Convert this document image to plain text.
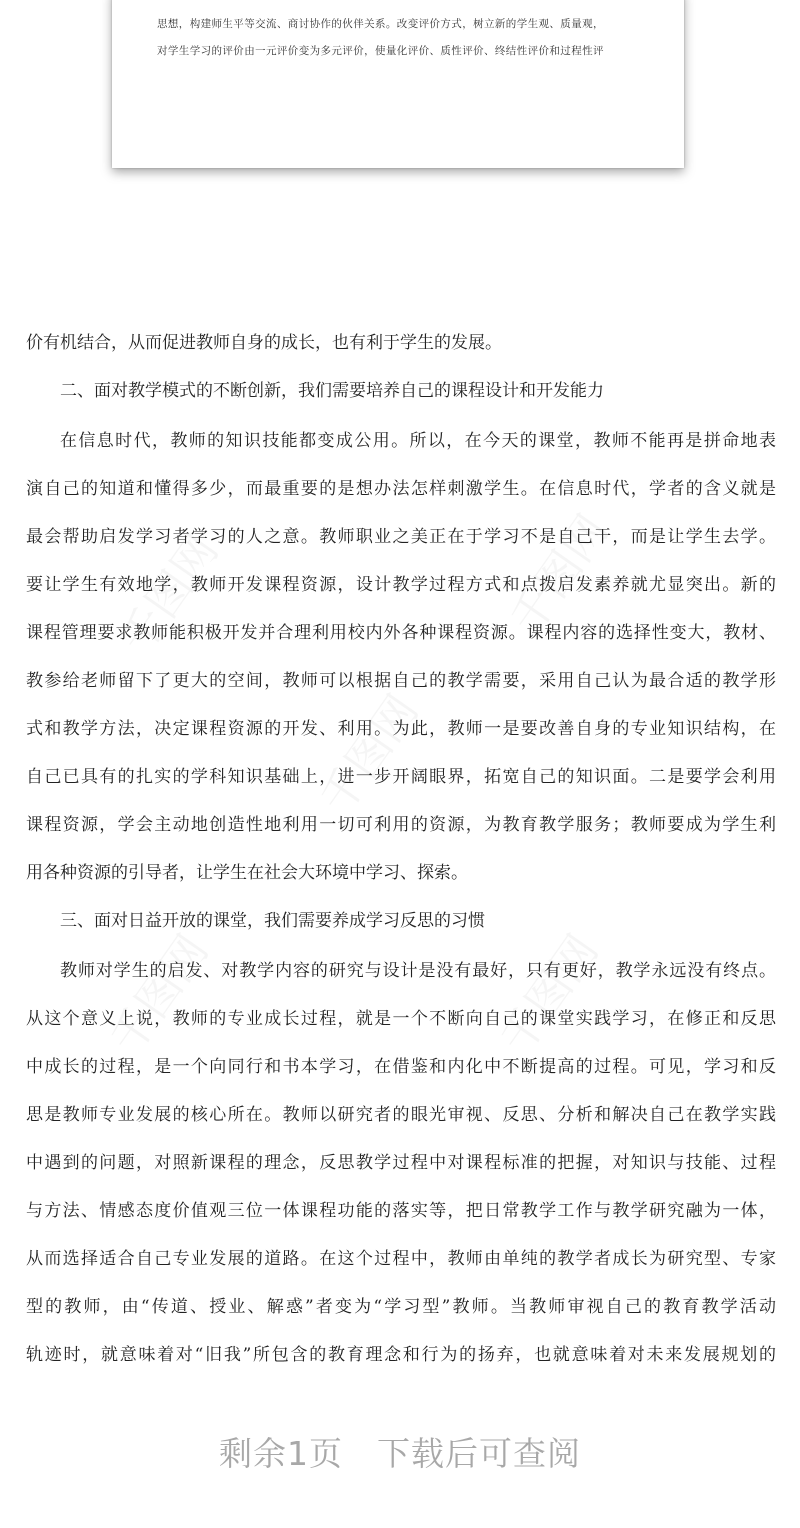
思想，构建师生平等交流、商讨协作的伙伴关系。改变评价方式，树立新的学生观、质量观，
对学生学习的评价由一元评价变为多元评价，使量化评价、质性评价、终结性评价和过程性评
千图网	千图网
千图网
千图网	千图网
价有机结合，从而促进教师自身的成长，也有利于学生的发展。
二、面对教学模式的不断创新，我们需要培养自己的课程设计和开发能力
在信息时代，教师的知识技能都变成公用。所以，在今天的课堂，教师不能再是拼命地表
演自己的知道和懂得多少，而最重要的是想办法怎样刺激学生。在信息时代，学者的含义就是
最会帮助启发学习者学习的人之意。教师职业之美正在于学习不是自己干，而是让学生去学。
要让学生有效地学，教师开发课程资源，设计教学过程方式和点拨启发素养就尤显突出。新的
课程管理要求教师能积极开发并合理利用校内外各种课程资源。课程内容的选择性变大，教材、
教参给老师留下了更大的空间，教师可以根据自己的教学需要，采用自己认为最合适的教学形
式和教学方法，决定课程资源的开发、利用。为此，教师一是要改善自身的专业知识结构，在
自己已具有的扎实的学科知识基础上，进一步开阔眼界，拓宽自己的知识面。二是要学会利用
课程资源，学会主动地创造性地利用一切可利用的资源，为教育教学服务；教师要成为学生利
用各种资源的引导者，让学生在社会大环境中学习、探索。
三、面对日益开放的课堂，我们需要养成学习反思的习惯
教师对学生的启发、对教学内容的研究与设计是没有最好，只有更好，教学永远没有终点。
从这个意义上说，教师的专业成长过程，就是一个不断向自己的课堂实践学习，在修正和反思
中成长的过程，是一个向同行和书本学习，在借鉴和内化中不断提高的过程。可见，学习和反
思是教师专业发展的核心所在。教师以研究者的眼光审视、反思、分析和解决自己在教学实践
中遇到的问题，对照新课程的理念，反思教学过程中对课程标准的把握，对知识与技能、过程
与方法、情感态度价值观三位一体课程功能的落实等，把日常教学工作与教学研究融为一体，
从而选择适合自己专业发展的道路。在这个过程中，教师由单纯的教学者成长为研究型、专家
型的教师，由“传道、授业、解惑”者变为“学习型”教师。当教师审视自己的教育教学活动
轨迹时，就意味着对“旧我”所包含的教育理念和行为的扬弃，也就意味着对未来发展规划的
剩余1页 下载后可查阅
